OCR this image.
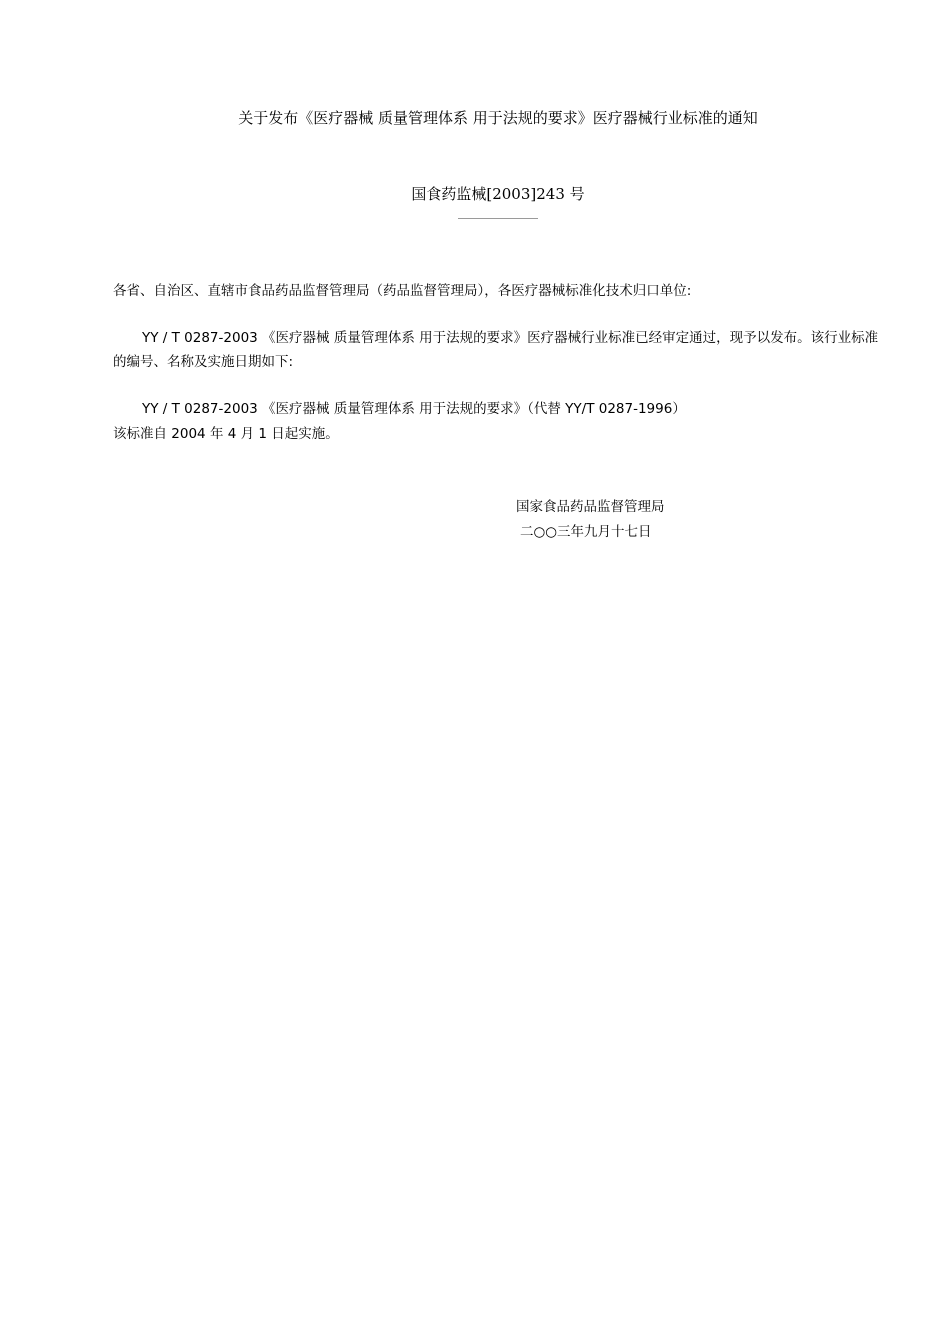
关于发布《医疗器械 质量管理体系 用于法规的要求》医疗器械行业标准的通知
国食药监械[2003]243 号
各省、自治区、直辖市食品药品监督管理局（药品监督管理局），各医疗器械标准化技术归口单位:
YY / T 0287-2003 《医疗器械 质量管理体系 用于法规的要求》医疗器械行业标准已经审定通过，现予以发布。该行业标准的编号、名称及实施日期如下:
YY / T 0287-2003 《医疗器械 质量管理体系 用于法规的要求》（代替 YY/T 0287-1996）
该标准自 2004 年 4 月 1 日起实施。
国家食品药品监督管理局
二○○三年九月十七日
